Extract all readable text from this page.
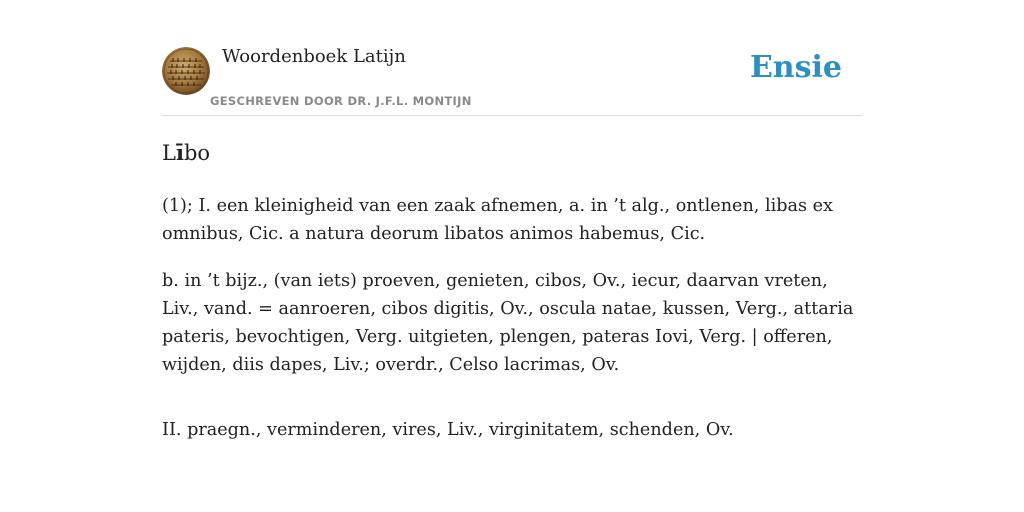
Woordenboek Latijn
GESCHREVEN DOOR DR. J.F.L. MONTIJN
Ensie
Lībo

(1); I. een kleinigheid van een zaak afnemen, a. in ’t alg., ontlenen, libas ex omnibus, Cic. a natura deorum libatos animos habemus, Cic.

b. in ’t bijz., (van iets) proeven, genieten, cibos, Ov., iecur, daarvan vreten, Liv., vand. = aanroeren, cibos digitis, Ov., oscula natae, kussen, Verg., attaria pateris, bevochtigen, Verg. uitgieten, plengen, pateras Iovi, Verg. | offeren, wijden, diis dapes, Liv.; overdr., Celso lacrimas, Ov.

II. praegn., verminderen, vires, Liv., virginitatem, schenden, Ov.
